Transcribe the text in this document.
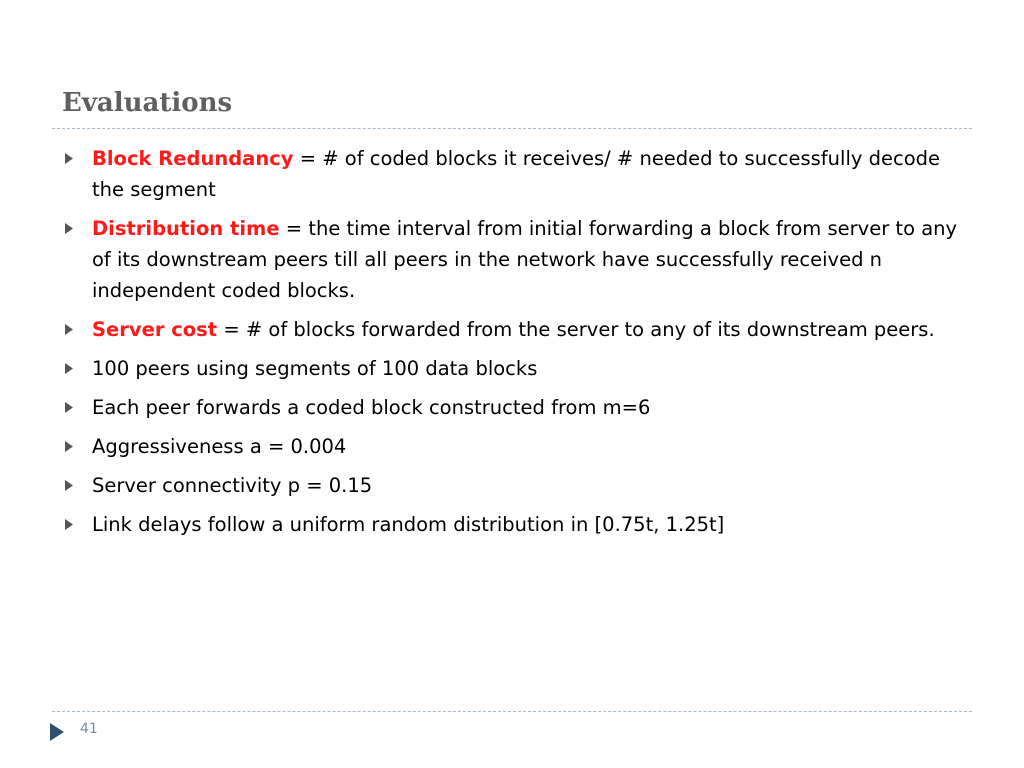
Evaluations
Block Redundancy = # of coded blocks it receives/ # needed to successfully decode the segment
Distribution time = the time interval from initial forwarding a block from server to any of its downstream peers till all peers in the network have successfully received n independent coded blocks.
Server cost = # of blocks forwarded from the server to any of its downstream peers.
100 peers using segments of 100 data blocks
Each peer forwards a coded block constructed from m=6
Aggressiveness a = 0.004
Server connectivity p = 0.15
Link delays follow a uniform random distribution in [0.75t, 1.25t]
41
